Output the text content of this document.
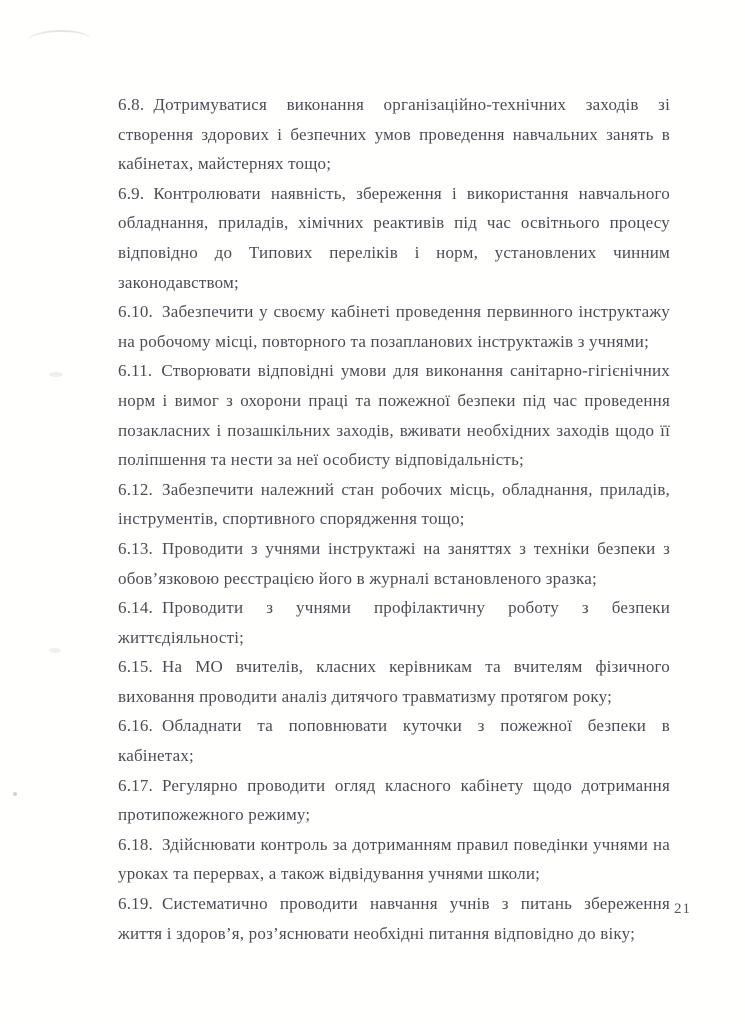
6.8. Дотримуватися виконання організаційно-технічних заходів зі створення здорових і безпечних умов проведення навчальних занять в кабінетах, майстернях тощо;

6.9. Контролювати наявність, збереження і використання навчального обладнання, приладів, хімічних реактивів під час освітнього процесу відповідно до Типових переліків і норм, установлених чинним законодавством;

6.10. Забезпечити у своєму кабінеті проведення первинного інструктажу на робочому місці, повторного та позапланових інструктажів з учнями;

6.11. Створювати відповідні умови для виконання санітарно-гігієнічних норм і вимог з охорони праці та пожежної безпеки під час проведення позакласних і позашкільних заходів, вживати необхідних заходів щодо її поліпшення та нести за неї особисту відповідальність;

6.12. Забезпечити належний стан робочих місць, обладнання, приладів, інструментів, спортивного спорядження тощо;

6.13. Проводити з учнями інструктажі на заняттях з техніки безпеки з обов’язковою реєстрацією його в журналі встановленого зразка;

6.14. Проводити з учнями профілактичну роботу з безпеки життєдіяльності;

6.15. На МО вчителів, класних керівникам та вчителям фізичного виховання проводити аналіз дитячого травматизму протягом року;

6.16. Обладнати та поповнювати куточки з пожежної безпеки в кабінетах;

6.17. Регулярно проводити огляд класного кабінету щодо дотримання протипожежного режиму;

6.18. Здійснювати контроль за дотриманням правил поведінки учнями на уроках та перервах, а також відвідування учнями школи;

6.19. Систематично проводити навчання учнів з питань збереження життя і здоров’я, роз’яснювати необхідні питання відповідно до віку;

21
